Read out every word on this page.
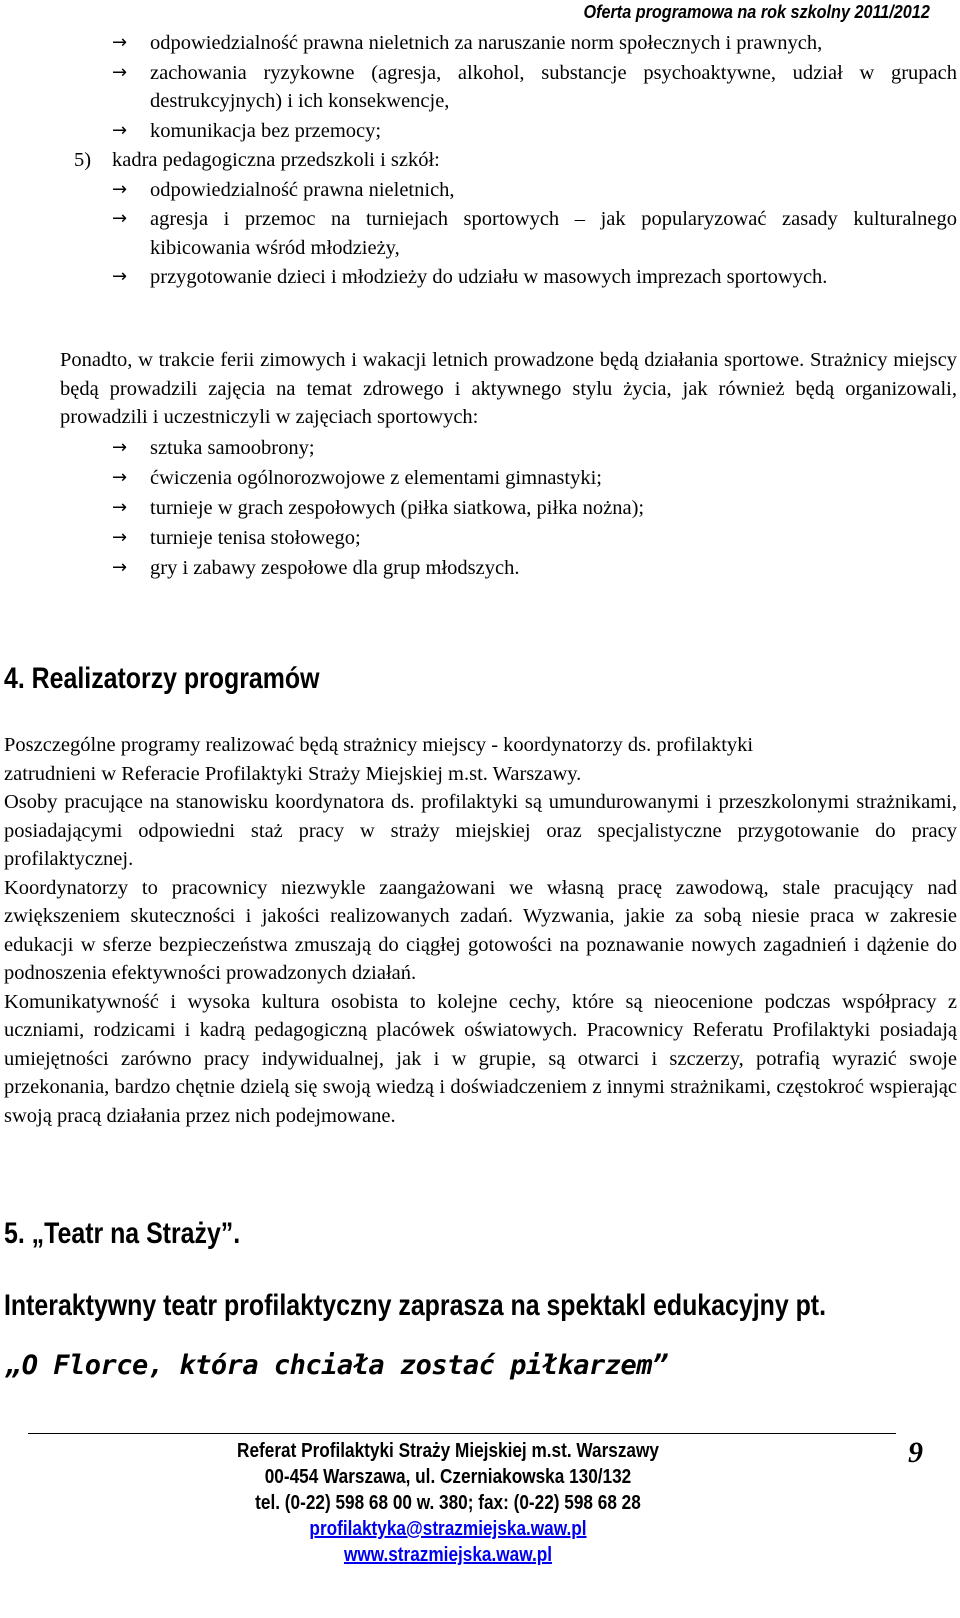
Oferta programowa na rok szkolny 2011/2012
→ odpowiedzialność prawna nieletnich za naruszanie norm społecznych i prawnych,
→ zachowania ryzykowne (agresja, alkohol, substancje psychoaktywne, udział w grupach destrukcyjnych) i ich konsekwencje,
→ komunikacja bez przemocy;
5) kadra pedagogiczna przedszkoli i szkół:
→ odpowiedzialność prawna nieletnich,
→ agresja i przemoc na turniejach sportowych – jak popularyzować zasady kulturalnego kibicowania wśród młodzieży,
→ przygotowanie dzieci i młodzieży do udziału w masowych imprezach sportowych.
Ponadto, w trakcie ferii zimowych i wakacji letnich prowadzone będą działania sportowe. Strażnicy miejscy będą prowadzili zajęcia na temat zdrowego i aktywnego stylu życia, jak również będą organizowali, prowadzili i uczestniczyli w zajęciach sportowych:
→ sztuka samoobrony;
→ ćwiczenia ogólnorozwojowe z elementami gimnastyki;
→ turnieje w grach zespołowych (piłka siatkowa, piłka nożna);
→ turnieje tenisa stołowego;
→ gry i zabawy zespołowe dla grup młodszych.
4. Realizatorzy programów
Poszczególne programy realizować będą strażnicy miejscy - koordynatorzy ds. profilaktyki
zatrudnieni w Referacie Profilaktyki Straży Miejskiej m.st. Warszawy.
Osoby pracujące na stanowisku koordynatora ds. profilaktyki są umundurowanymi i przeszkolonymi strażnikami, posiadającymi odpowiedni staż pracy w straży miejskiej oraz specjalistyczne przygotowanie do pracy profilaktycznej.
Koordynatorzy to pracownicy niezwykle zaangażowani we własną pracę zawodową, stale pracujący nad zwiększeniem skuteczności i jakości realizowanych zadań. Wyzwania, jakie za sobą niesie praca w zakresie edukacji w sferze bezpieczeństwa zmuszają do ciągłej gotowości na poznawanie nowych zagadnień i dążenie do podnoszenia efektywności prowadzonych działań.
Komunikatywność i wysoka kultura osobista to kolejne cechy, które są nieocenione podczas współpracy z uczniami, rodzicami i kadrą pedagogiczną placówek oświatowych. Pracownicy Referatu Profilaktyki posiadają umiejętności zarówno pracy indywidualnej, jak i w grupie, są otwarci i szczerzy, potrafią wyrazić swoje przekonania, bardzo chętnie dzielą się swoją wiedzą i doświadczeniem z innymi strażnikami, częstokroć wspierając swoją pracą działania przez nich podejmowane.
5. „Teatr na Straży”.
Interaktywny teatr profilaktyczny zaprasza na spektakl edukacyjny pt.
„O Florce, która chciała zostać piłkarzem”
Referat Profilaktyki Straży Miejskiej m.st. Warszawy
00-454 Warszawa, ul. Czerniakowska 130/132
tel. (0-22) 598 68 00 w. 380; fax: (0-22) 598 68 28
profilaktyka@strazmiejska.waw.pl
www.strazmiejska.waw.pl
9
